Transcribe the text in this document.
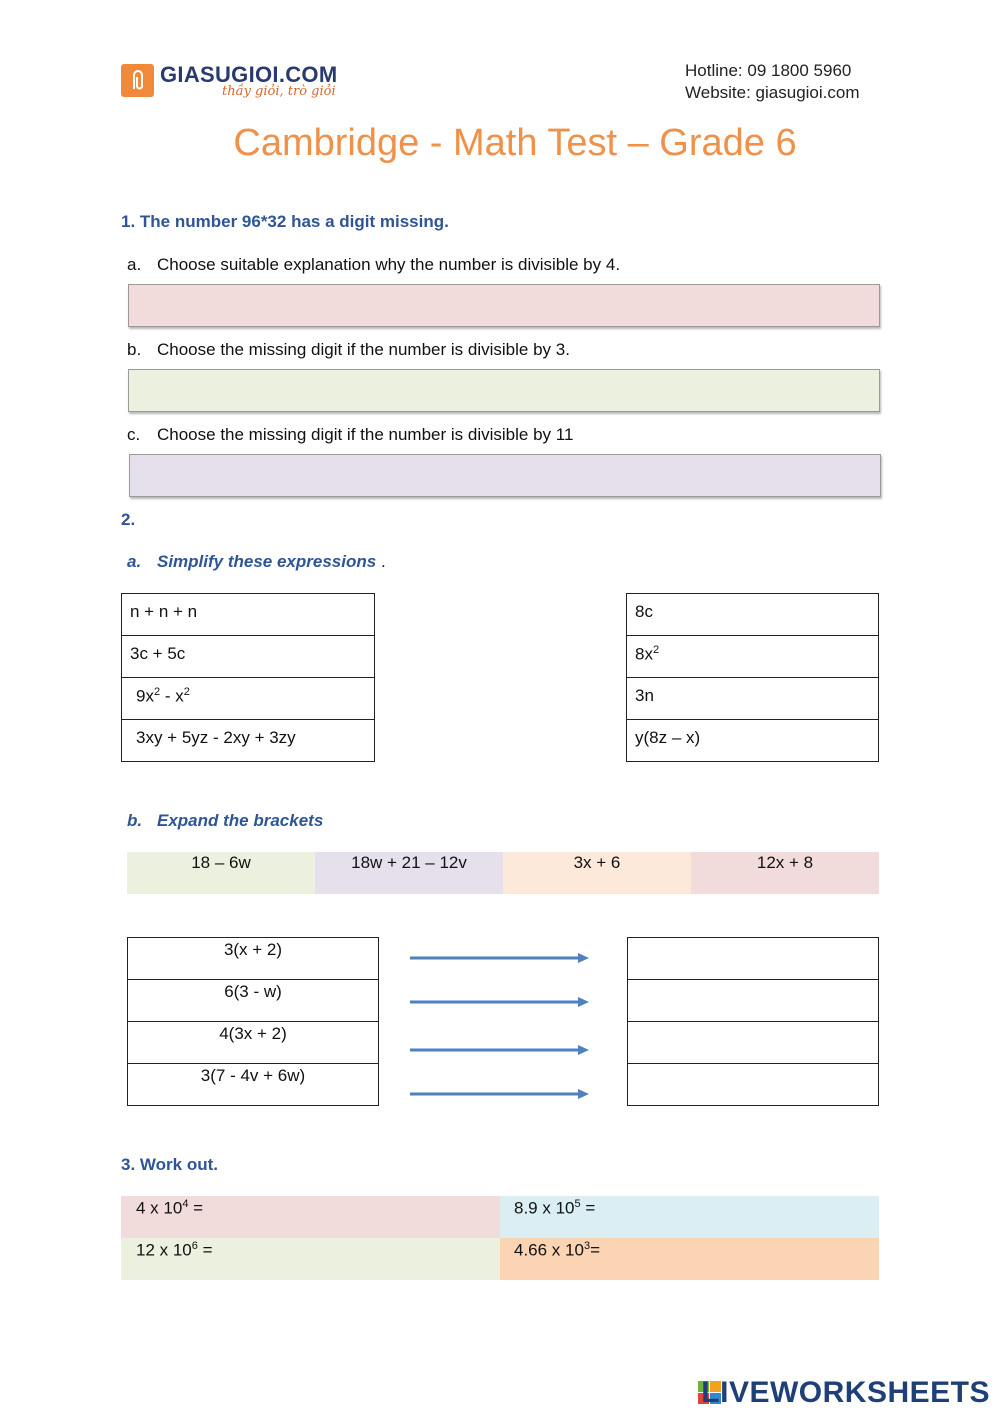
GIASUGIOI.COM
thầy giỏi, trò giỏi
Hotline: 09 1800 5960
Website: giasugioi.com
Cambridge - Math Test – Grade 6
1. The number 96*32 has a digit missing.
a. Choose suitable explanation why the number is divisible by 4.
b. Choose the missing digit if the number is divisible by 3.
c. Choose the missing digit if the number is divisible by 11
2.
a. Simplify these expressions .
n + n + n

3c + 5c

$9x^2 - x^2$

3xy + 5yz - 2xy + 3zy
8c

$8x^2$

3n

y(8z – x)
b. Expand the brackets
18 – 6w	18w + 21 – 12v	3x + 6	12x + 8
3(x + 2)

6(3 - w)

4(3x + 2)

3(7 - 4v + 6w)

3. Work out.
4 x $10^4$ =	8.9 x $10^5$ =
12 x $10^6$ =	4.66 x $10^3=$
LIVEWORKSHEETS
